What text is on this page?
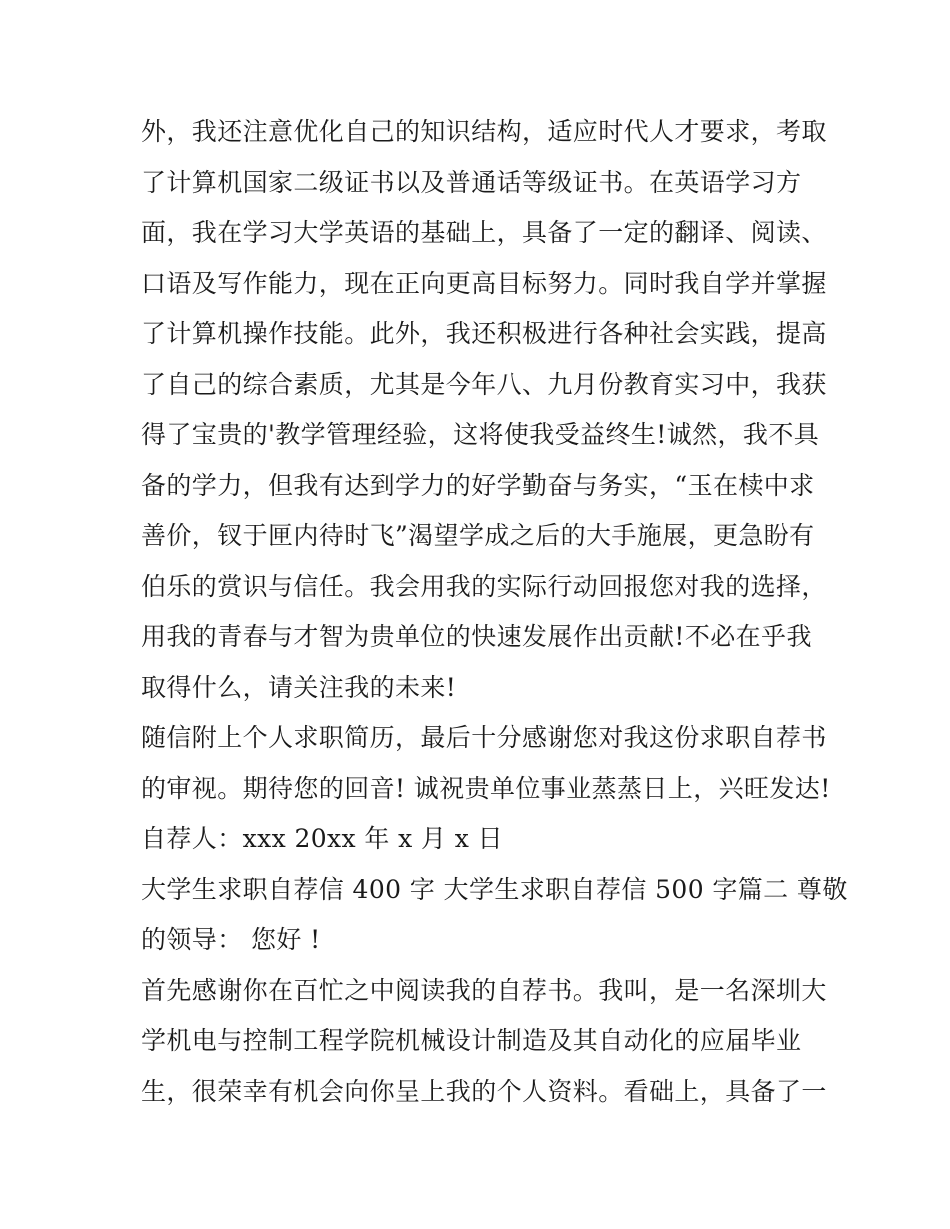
外，我还注意优化自己的知识结构，适应时代人才要求，考取
了计算机国家二级证书以及普通话等级证书。在英语学习方
面，我在学习大学英语的基础上，具备了一定的翻译、阅读、
口语及写作能力，现在正向更高目标努力。同时我自学并掌握
了计算机操作技能。此外，我还积极进行各种社会实践，提高
了自己的综合素质，尤其是今年八、九月份教育实习中，我获
得了宝贵的'教学管理经验，这将使我受益终生!诚然，我不具
备的学力，但我有达到学力的好学勤奋与务实，“玉在椟中求
善价，钗于匣内待时飞”渴望学成之后的大手施展，更急盼有
伯乐的赏识与信任。我会用我的实际行动回报您对我的选择，
用我的青春与才智为贵单位的快速发展作出贡献!不必在乎我
取得什么，请关注我的未来!
随信附上个人求职简历，最后十分感谢您对我这份求职自荐书
的审视。期待您的回音! 诚祝贵单位事业蒸蒸日上，兴旺发达!
自荐人：xxx 20xx 年 x 月 x 日
大学生求职自荐信 400 字 大学生求职自荐信 500 字篇二 尊敬
的领导： 您好 !
首先感谢你在百忙之中阅读我的自荐书。我叫，是一名深圳大
学机电与控制工程学院机械设计制造及其自动化的应届毕业
生，很荣幸有机会向你呈上我的个人资料。看础上，具备了一
